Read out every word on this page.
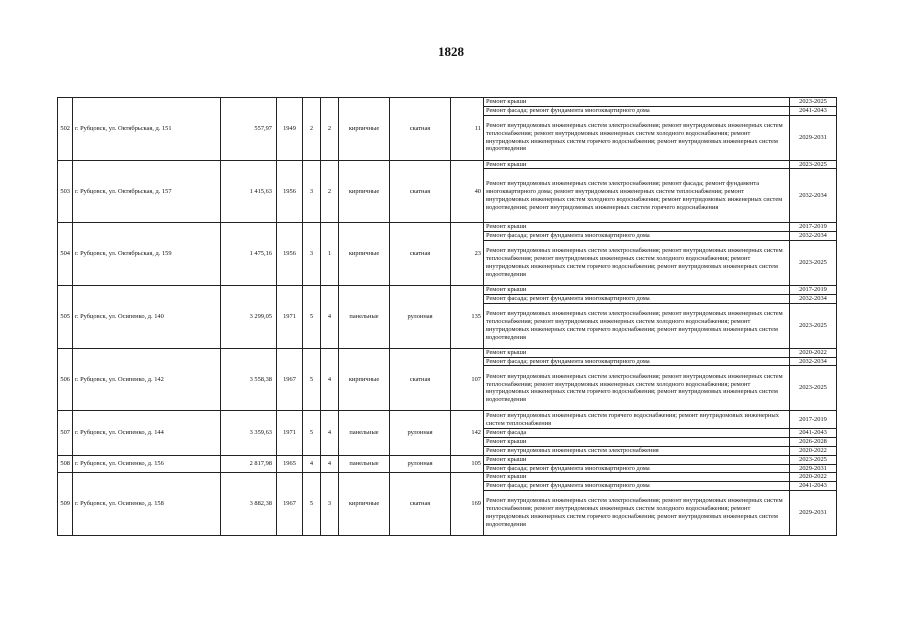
1828
502	г. Рубцовск, ул. Октябрьская, д. 151	557,97	1949	2	2	кирпичные	скатная	11	Ремонт крыши	2023-2025
									Ремонт фасада; ремонт фундамента многоквартирного дома	2041-2043
									Ремонт внутридомовых инженерных систем электроснабжения; ремонт внутридомовых инженерных систем теплоснабжения; ремонт внутридомовых инженерных систем холодного водоснабжения; ремонт внутридомовых инженерных систем горячего водоснабжения; ремонт внутридомовых инженерных систем водоотведения	2029-2031
503	г. Рубцовск, ул. Октябрьская, д. 157	1 415,63	1956	3	2	кирпичные	скатная	40	Ремонт крыши	2023-2025
									Ремонт внутридомовых инженерных систем электроснабжения; ремонт фасада; ремонт фундамента многоквартирного дома; ремонт внутридомовых инженерных систем теплоснабжения; ремонт внутридомовых инженерных систем холодного водоснабжения; ремонт внутридомовых инженерных систем водоотведения; ремонт внутридомовых инженерных систем горячего водоснабжения	2032-2034
504	г. Рубцовск, ул. Октябрьская, д. 159	1 475,16	1956	3	1	кирпичные	скатная	23	Ремонт крыши	2017-2019
									Ремонт фасада; ремонт фундамента многоквартирного дома	2032-2034
									Ремонт внутридомовых инженерных систем электроснабжения; ремонт внутридомовых инженерных систем теплоснабжения; ремонт внутридомовых инженерных систем холодного водоснабжения; ремонт внутридомовых инженерных систем горячего водоснабжения; ремонт внутридомовых инженерных систем водоотведения	2023-2025
505	г. Рубцовск, ул. Осипенко, д. 140	3 299,05	1971	5	4	панельные	рулонная	135	Ремонт крыши	2017-2019
									Ремонт фасада; ремонт фундамента многоквартирного дома	2032-2034
									Ремонт внутридомовых инженерных систем электроснабжения; ремонт внутридомовых инженерных систем теплоснабжения; ремонт внутридомовых инженерных систем холодного водоснабжения; ремонт внутридомовых инженерных систем горячего водоснабжения; ремонт внутридомовых инженерных систем водоотведения	2023-2025
506	г. Рубцовск, ул. Осипенко, д. 142	3 558,38	1967	5	4	кирпичные	скатная	107	Ремонт крыши	2020-2022
									Ремонт фасада; ремонт фундамента многоквартирного дома	2032-2034
									Ремонт внутридомовых инженерных систем электроснабжения; ремонт внутридомовых инженерных систем теплоснабжения; ремонт внутридомовых инженерных систем холодного водоснабжения; ремонт внутридомовых инженерных систем горячего водоснабжения; ремонт внутридомовых инженерных систем водоотведения	2023-2025
507	г. Рубцовск, ул. Осипенко, д. 144	3 359,63	1971	5	4	панельные	рулонная	142	Ремонт внутридомовых инженерных систем горячего водоснабжения; ремонт внутридомовых инженерных систем теплоснабжения	2017-2019
									Ремонт фасада	2041-2043
									Ремонт крыши	2026-2028
									Ремонт внутридомовых инженерных систем электроснабжения	2020-2022
508	г. Рубцовск, ул. Осипенко, д. 156	2 817,98	1965	4	4	панельные	рулонная	105	Ремонт крыши	2023-2025
									Ремонт фасада; ремонт фундамента многоквартирного дома	2029-2031
509	г. Рубцовск, ул. Осипенко, д. 158	3 882,38	1967	5	3	кирпичные	скатная	169	Ремонт крыши	2020-2022
									Ремонт фасада; ремонт фундамента многоквартирного дома	2041-2043
									Ремонт внутридомовых инженерных систем электроснабжения; ремонт внутридомовых инженерных систем теплоснабжения; ремонт внутридомовых инженерных систем холодного водоснабжения; ремонт внутридомовых инженерных систем горячего водоснабжения; ремонт внутридомовых инженерных систем водоотведения	2029-2031
